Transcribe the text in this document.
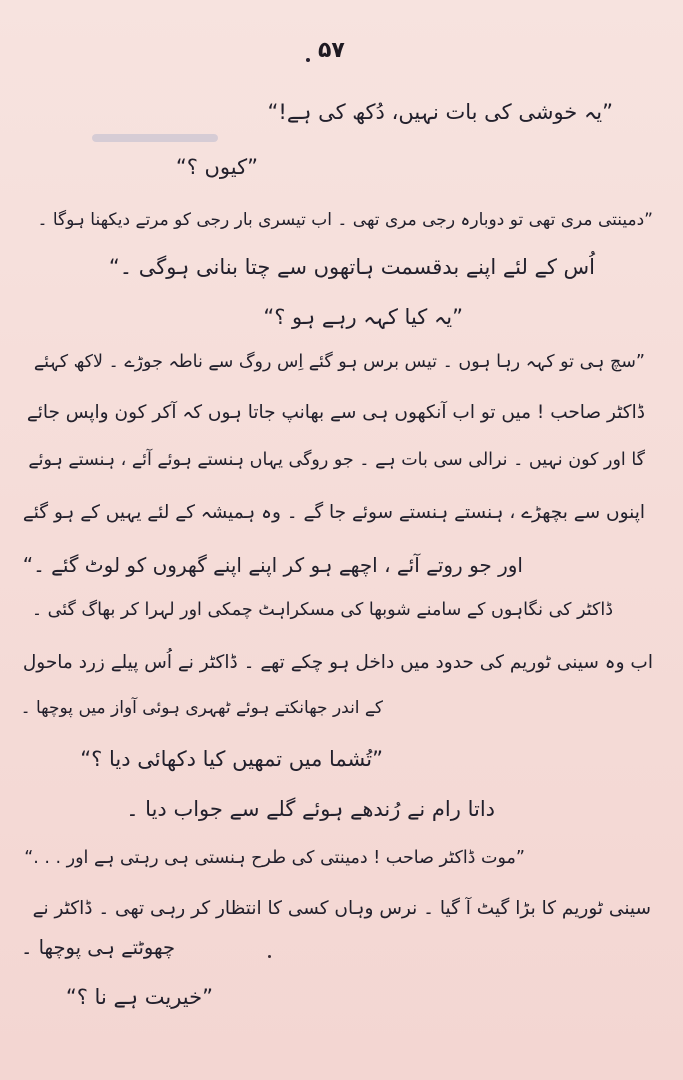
۵۷
”یہ خوشی کی بات نہیں، دُکھ کی ہے!“
”کیوں ؟“
”دمینتی مری تھی تو دوبارہ رجی مری تھی ۔ اب تیسری بار رجی کو مرتے دیکھنا ہوگا ۔
اُس کے لئے اپنے بدقسمت ہاتھوں سے چتا بنانی ہوگی ۔“
”یہ کیا کہہ رہے ہو ؟“
”سچ ہی تو کہہ رہا ہوں ۔ تیس برس ہو گئے اِس روگ سے ناطہ جوڑے ۔ لاکھ کہئے
ڈاکٹر صاحب ! میں تو اب آنکھوں ہی سے بھانپ جاتا ہوں کہ آکر کون واپس جائے
گا اور کون نہیں ۔ نرالی سی بات ہے ۔ جو روگی یہاں ہنستے ہوئے آئے ، ہنستے ہوئے
اپنوں سے بچھڑے ، ہنستے ہنستے سوئے جا گے ۔ وہ ہمیشہ کے لئے یہیں کے ہو گئے
اور جو روتے آئے ، اچھے ہو کر اپنے اپنے گھروں کو لوٹ گئے ۔“
ڈاکٹر کی نگاہوں کے سامنے شوبھا کی مسکراہٹ چمکی اور لہرا کر بھاگ گئی ۔
اب وہ سینی ٹوریم کی حدود میں داخل ہو چکے تھے ۔ ڈاکٹر نے اُس پیلے زرد ماحول
کے اندر جھانکتے ہوئے ٹھہری ہوئی آواز میں پوچھا ۔
”تُشما میں تمھیں کیا دکھائی دیا ؟“
داتا رام نے رُندھے ہوئے گلے سے جواب دیا ۔
”موت ڈاکٹر صاحب ! دمینتی کی طرح ہنستی ہی رہتی ہے اور . . .“
سینی ٹوریم کا بڑا گیٹ آ گیا ۔ نرس وہاں کسی کا انتظار کر رہی تھی ۔ ڈاکٹر نے
چھوٹتے ہی پوچھا ۔
”خیریت ہے نا ؟“
